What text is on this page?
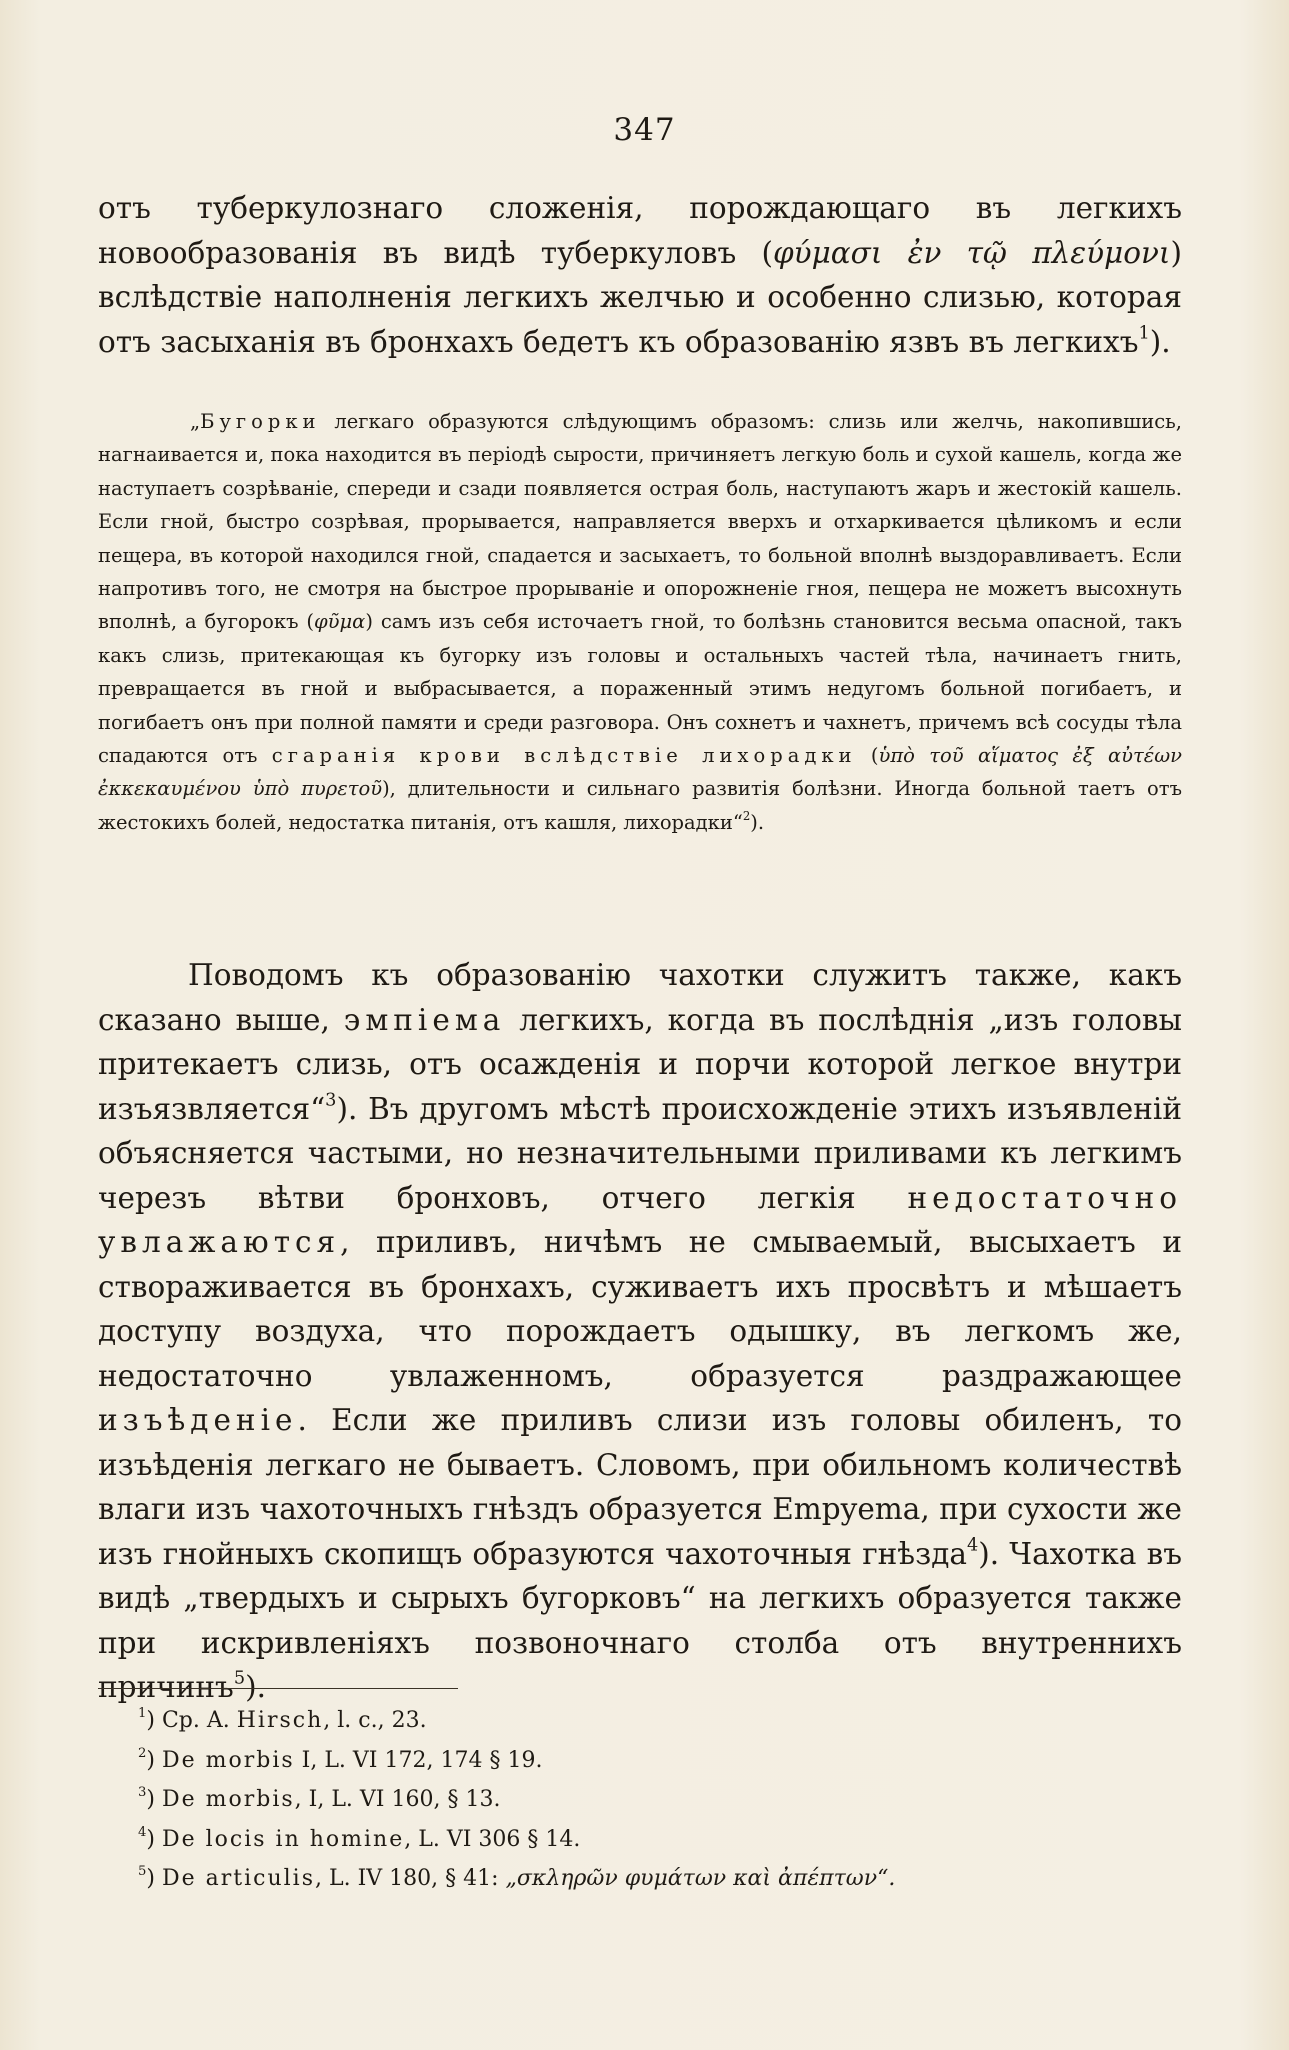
347
отъ туберкулознаго сложенія, порождающаго въ легкихъ новообразованія въ видѣ туберкуловъ (φύμασι ἐν τῷ πλεύμονι) вслѣдствіе наполненія легкихъ желчью и особенно слизью, которая отъ засыханія въ бронхахъ бедетъ къ образованію язвъ въ легкихъ$^1$).
„Бугорки легкаго образуются слѣдующимъ образомъ: слизь или желчь, накопившись, нагнаивается и, пока находится въ періодѣ сырости, причиняетъ легкую боль и сухой кашель, когда же наступаетъ созрѣваніе, спереди и сзади появляется острая боль, наступаютъ жаръ и жестокій кашель. Если гной, быстро созрѣвая, прорывается, направляется вверхъ и отхаркивается цѣликомъ и если пещера, въ которой находился гной, спадается и засыхаетъ, то больной вполнѣ выздоравливаетъ. Если напротивъ того, не смотря на быстрое прорываніе и опорожненіе гноя, пещера не можетъ высохнуть вполнѣ, а бугорокъ (φῦμα) самъ изъ себя источаетъ гной, то болѣзнь становится весьма опасной, такъ какъ слизь, притекающая къ бугорку изъ головы и остальныхъ частей тѣла, начинаетъ гнить, превращается въ гной и выбрасывается, а пораженный этимъ недугомъ больной погибаетъ, и погибаетъ онъ при полной памяти и среди разговора. Онъ сохнетъ и чахнетъ, причемъ всѣ сосуды тѣла спадаются отъ сгаранія крови вслѣдствіе лихорадки (ὑπὸ τοῦ αἵματος ἐξ αὐτέων ἐκκεκαυμένου ὑπὸ πυρετοῦ), длительности и сильнаго развитія болѣзни. Иногда больной таетъ отъ жестокихъ болей, недостатка питанія, отъ кашля, лихорадки“$^2$).
Поводомъ къ образованію чахотки служитъ также, какъ сказано выше, эмпіема легкихъ, когда въ послѣднія „изъ головы притекаетъ слизь, отъ осажденія и порчи которой легкое внутри изъязвляется“$^3$). Въ другомъ мѣстѣ происхожденіе этихъ изъявленій объясняется частыми, но незначительными приливами къ легкимъ черезъ вѣтви бронховъ, отчего легкія недостаточно увлажаются, приливъ, ничѣмъ не смываемый, высыхаетъ и створаживается въ бронхахъ, суживаетъ ихъ просвѣтъ и мѣшаетъ доступу воздуха, что порождаетъ одышку, въ легкомъ же, недостаточно увлаженномъ, образуется раздражающее изъѣденіе. Если же приливъ слизи изъ головы обиленъ, то изъѣденія легкаго не бываетъ. Словомъ, при обильномъ количествѣ влаги изъ чахоточныхъ гнѣздъ образуется Empyema, при сухости же изъ гнойныхъ скопищъ образуются чахоточныя гнѣзда$^4$). Чахотка въ видѣ „твердыхъ и сырыхъ бугорковъ“ на легкихъ образуется также при искривленіяхъ позвоночнаго столба отъ внутреннихъ причинъ$^5$).
$^1$) Cp. A. Hirsch, l. c., 23.
$^2$) De morbis I, L. VI 172, 174 § 19.
$^3$) De morbis, I, L. VI 160, § 13.
$^4$) De locis in homine, L. VI 306 § 14.
$^5$) De articulis, L. IV 180, § 41: „σκληρῶν φυμάτων καὶ ἀπέπτων“.
